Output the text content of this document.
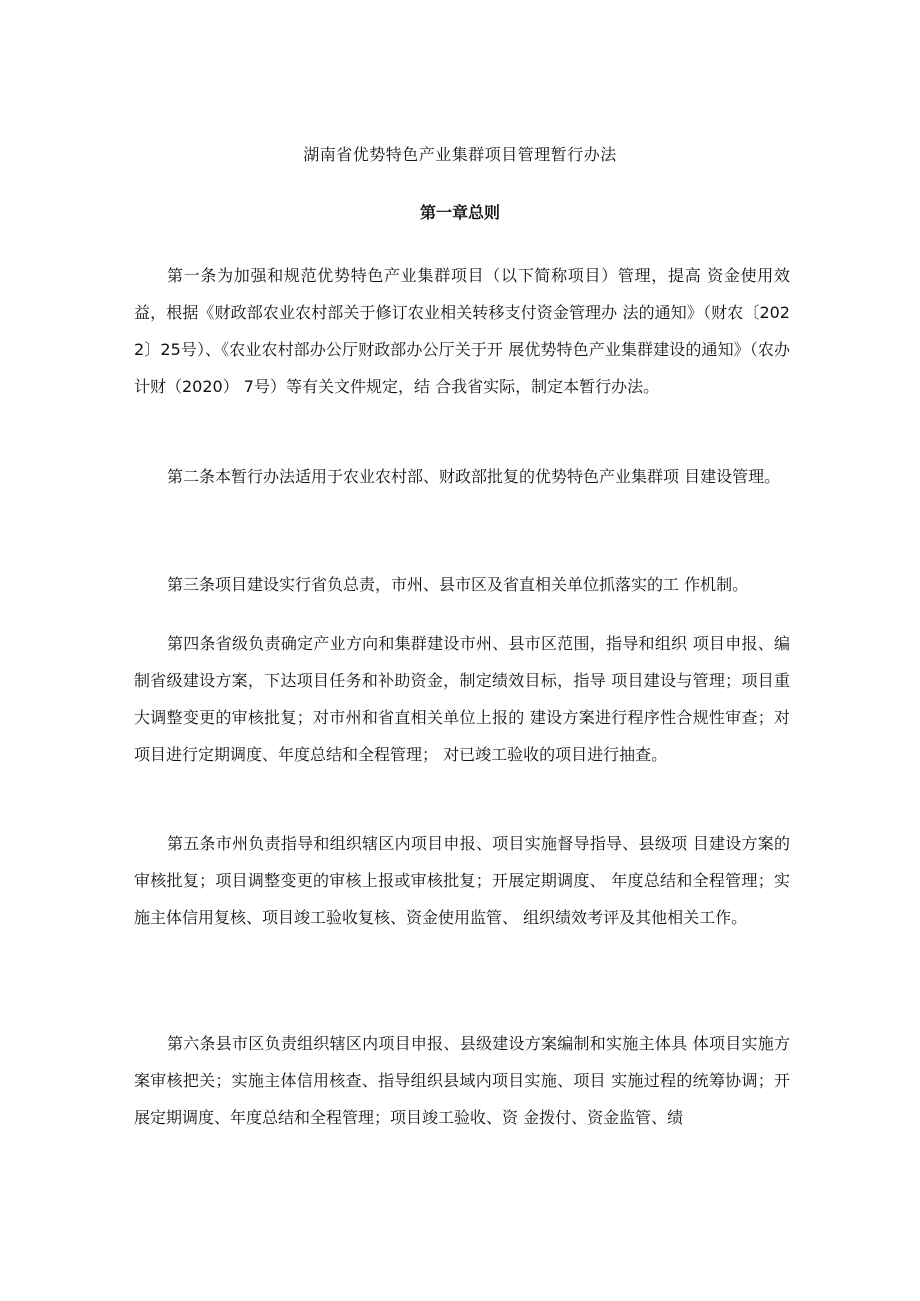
湖南省优势特色产业集群项目管理暂行办法
第一章总则

第一条为加强和规范优势特色产业集群项目（以下简称项目）管理，提高 资金使用效益，根据《财政部农业农村部关于修订农业相关转移支付资金管理办 法的通知》（财农〔2022〕25号）、《农业农村部办公厅财政部办公厅关于开 展优势特色产业集群建设的通知》（农办计财（2020） 7号）等有关文件规定，结 合我省实际，制定本暂行办法。

第二条本暂行办法适用于农业农村部、财政部批复的优势特色产业集群项 目建设管理。

第三条项目建设实行省负总责，市州、县市区及省直相关单位抓落实的工 作机制。

第四条省级负责确定产业方向和集群建设市州、县市区范围，指导和组织 项目申报、编制省级建设方案，下达项目任务和补助资金，制定绩效目标，指导 项目建设与管理；项目重大调整变更的审核批复；对市州和省直相关单位上报的 建设方案进行程序性合规性审查；对项目进行定期调度、年度总结和全程管理； 对已竣工验收的项目进行抽查。

第五条市州负责指导和组织辖区内项目申报、项目实施督导指导、县级项 目建设方案的审核批复；项目调整变更的审核上报或审核批复；开展定期调度、 年度总结和全程管理；实施主体信用复核、项目竣工验收复核、资金使用监管、 组织绩效考评及其他相关工作。

第六条县市区负责组织辖区内项目申报、县级建设方案编制和实施主体具 体项目实施方案审核把关；实施主体信用核查、指导组织县域内项目实施、项目 实施过程的统筹协调；开展定期调度、年度总结和全程管理；项目竣工验收、资 金拨付、资金监管、绩
